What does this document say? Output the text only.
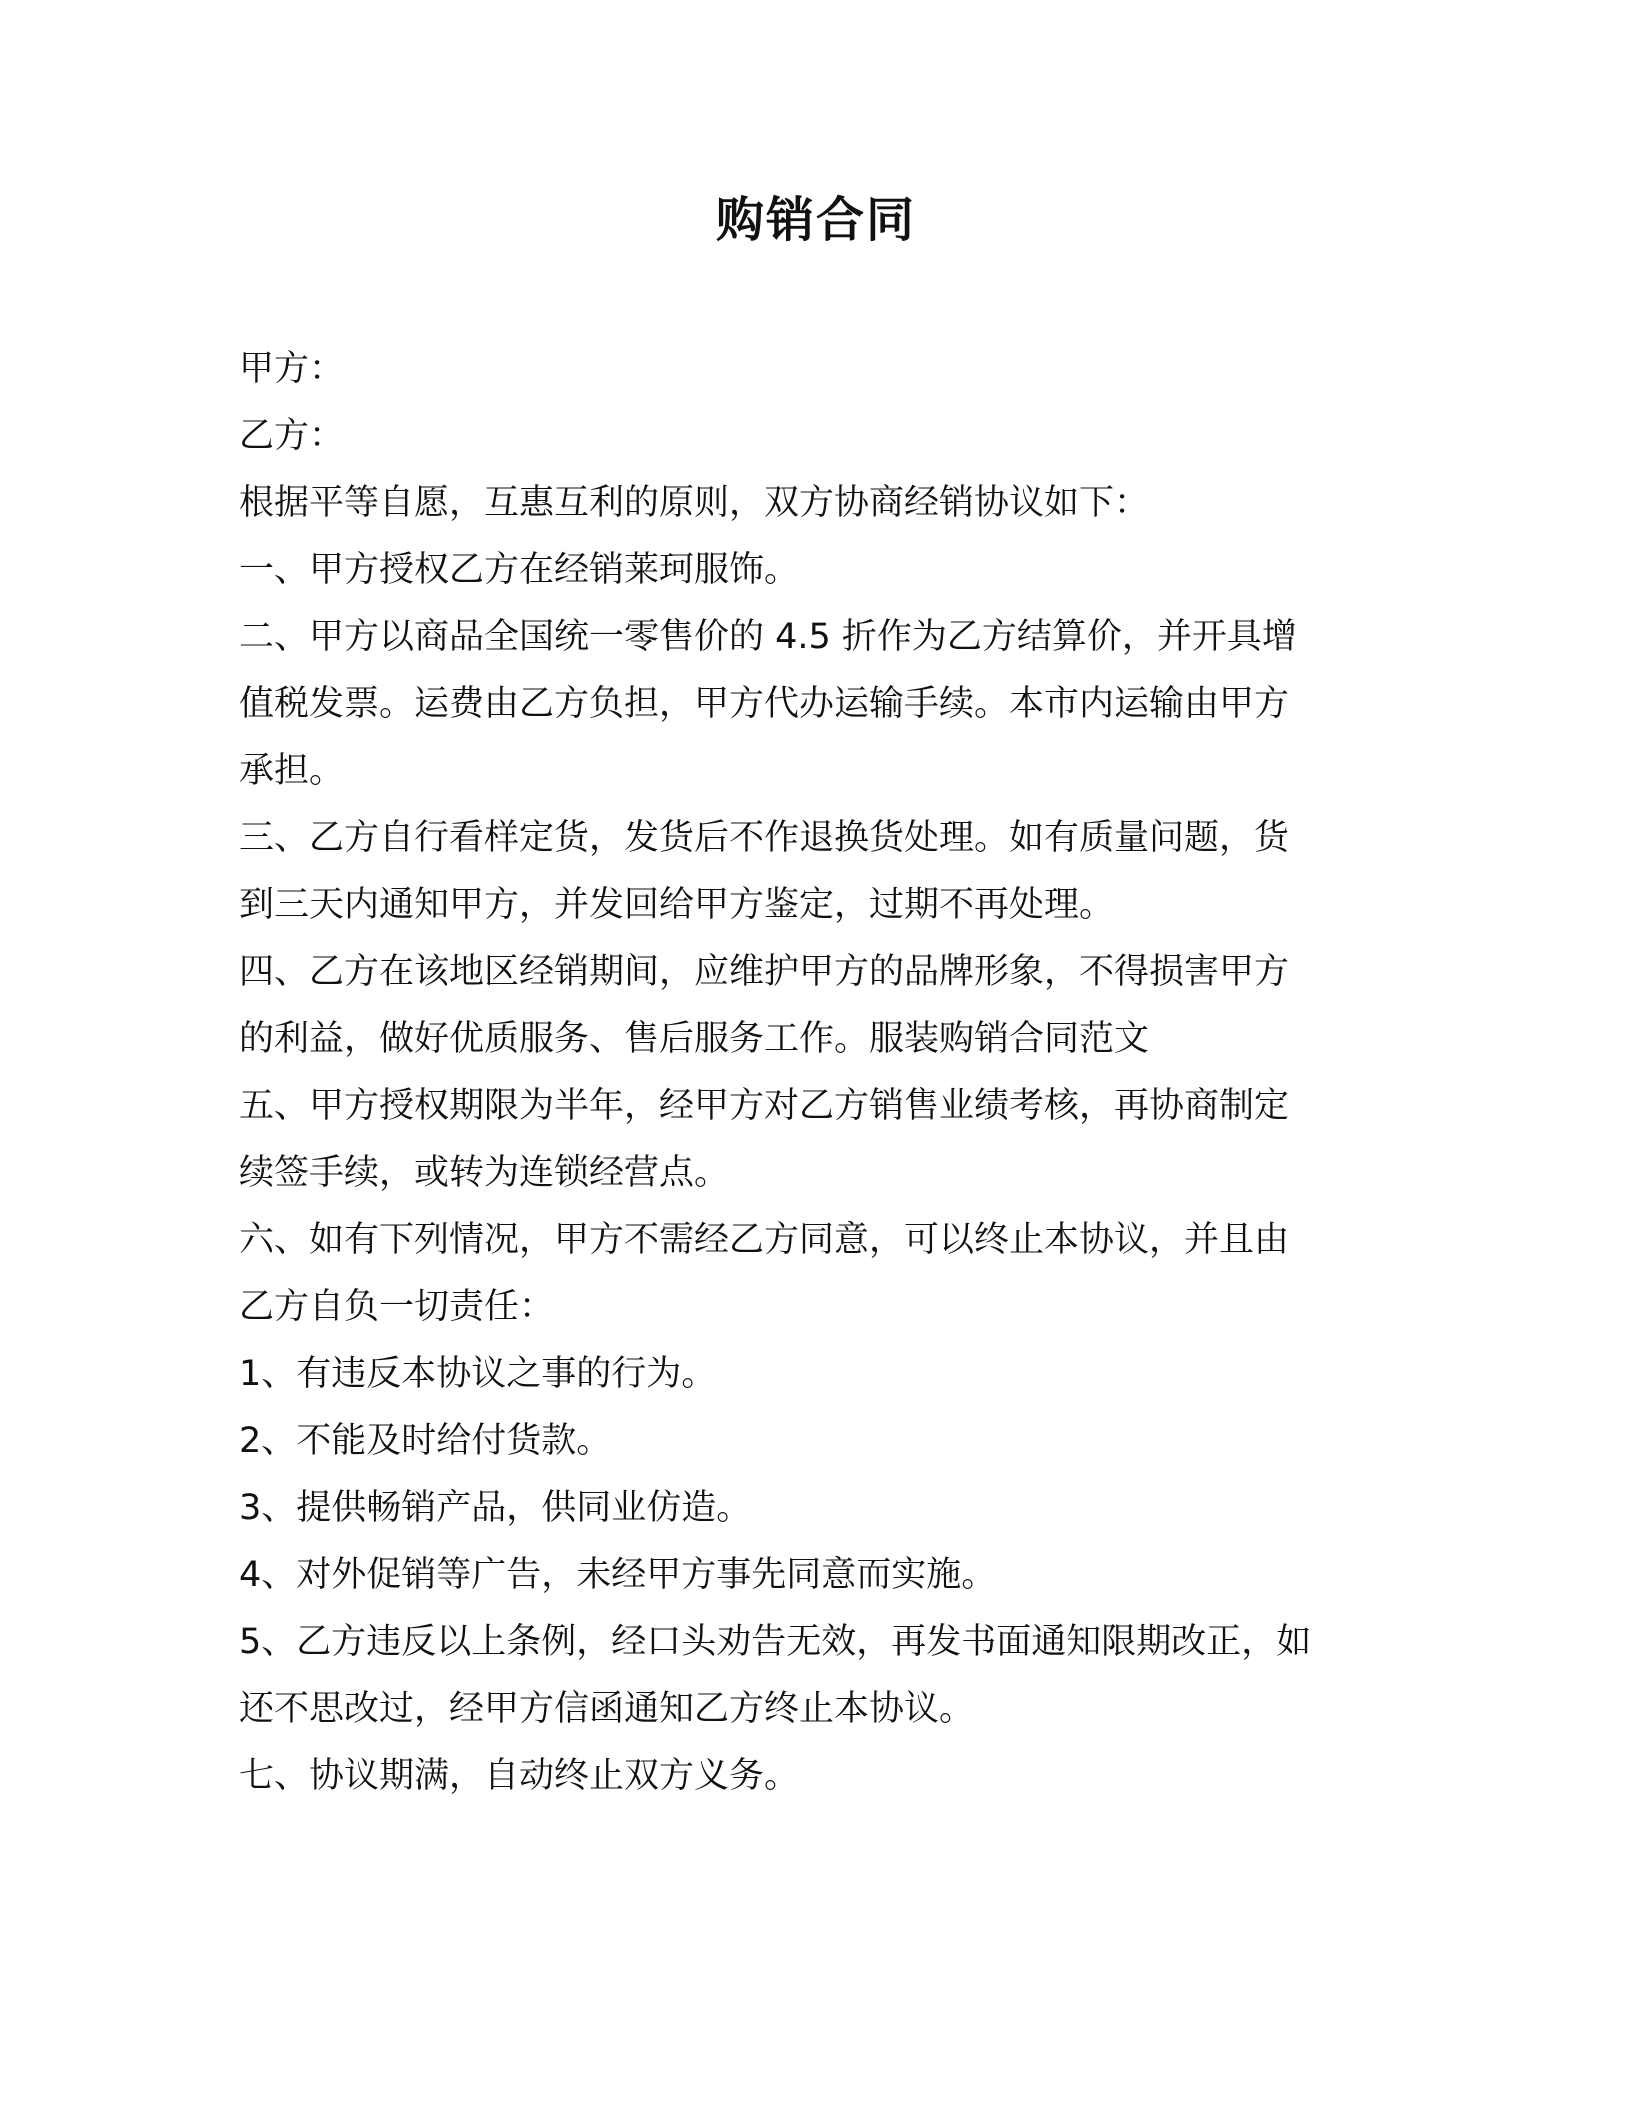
购销合同

甲方：

乙方：

根据平等自愿，互惠互利的原则，双方协商经销协议如下：

一、甲方授权乙方在经销莱珂服饰。

二、甲方以商品全国统一零售价的 4.5 折作为乙方结算价，并开具增

值税发票。运费由乙方负担，甲方代办运输手续。本市内运输由甲方

承担。

三、乙方自行看样定货，发货后不作退换货处理。如有质量问题，货

到三天内通知甲方，并发回给甲方鉴定，过期不再处理。

四、乙方在该地区经销期间，应维护甲方的品牌形象，不得损害甲方

的利益，做好优质服务、售后服务工作。服装购销合同范文

五、甲方授权期限为半年，经甲方对乙方销售业绩考核，再协商制定

续签手续，或转为连锁经营点。

六、如有下列情况，甲方不需经乙方同意，可以终止本协议，并且由

乙方自负一切责任：

1、有违反本协议之事的行为。

2、不能及时给付货款。

3、提供畅销产品，供同业仿造。

4、对外促销等广告，未经甲方事先同意而实施。

5、乙方违反以上条例，经口头劝告无效，再发书面通知限期改正，如

还不思改过，经甲方信函通知乙方终止本协议。

七、协议期满，自动终止双方义务。
